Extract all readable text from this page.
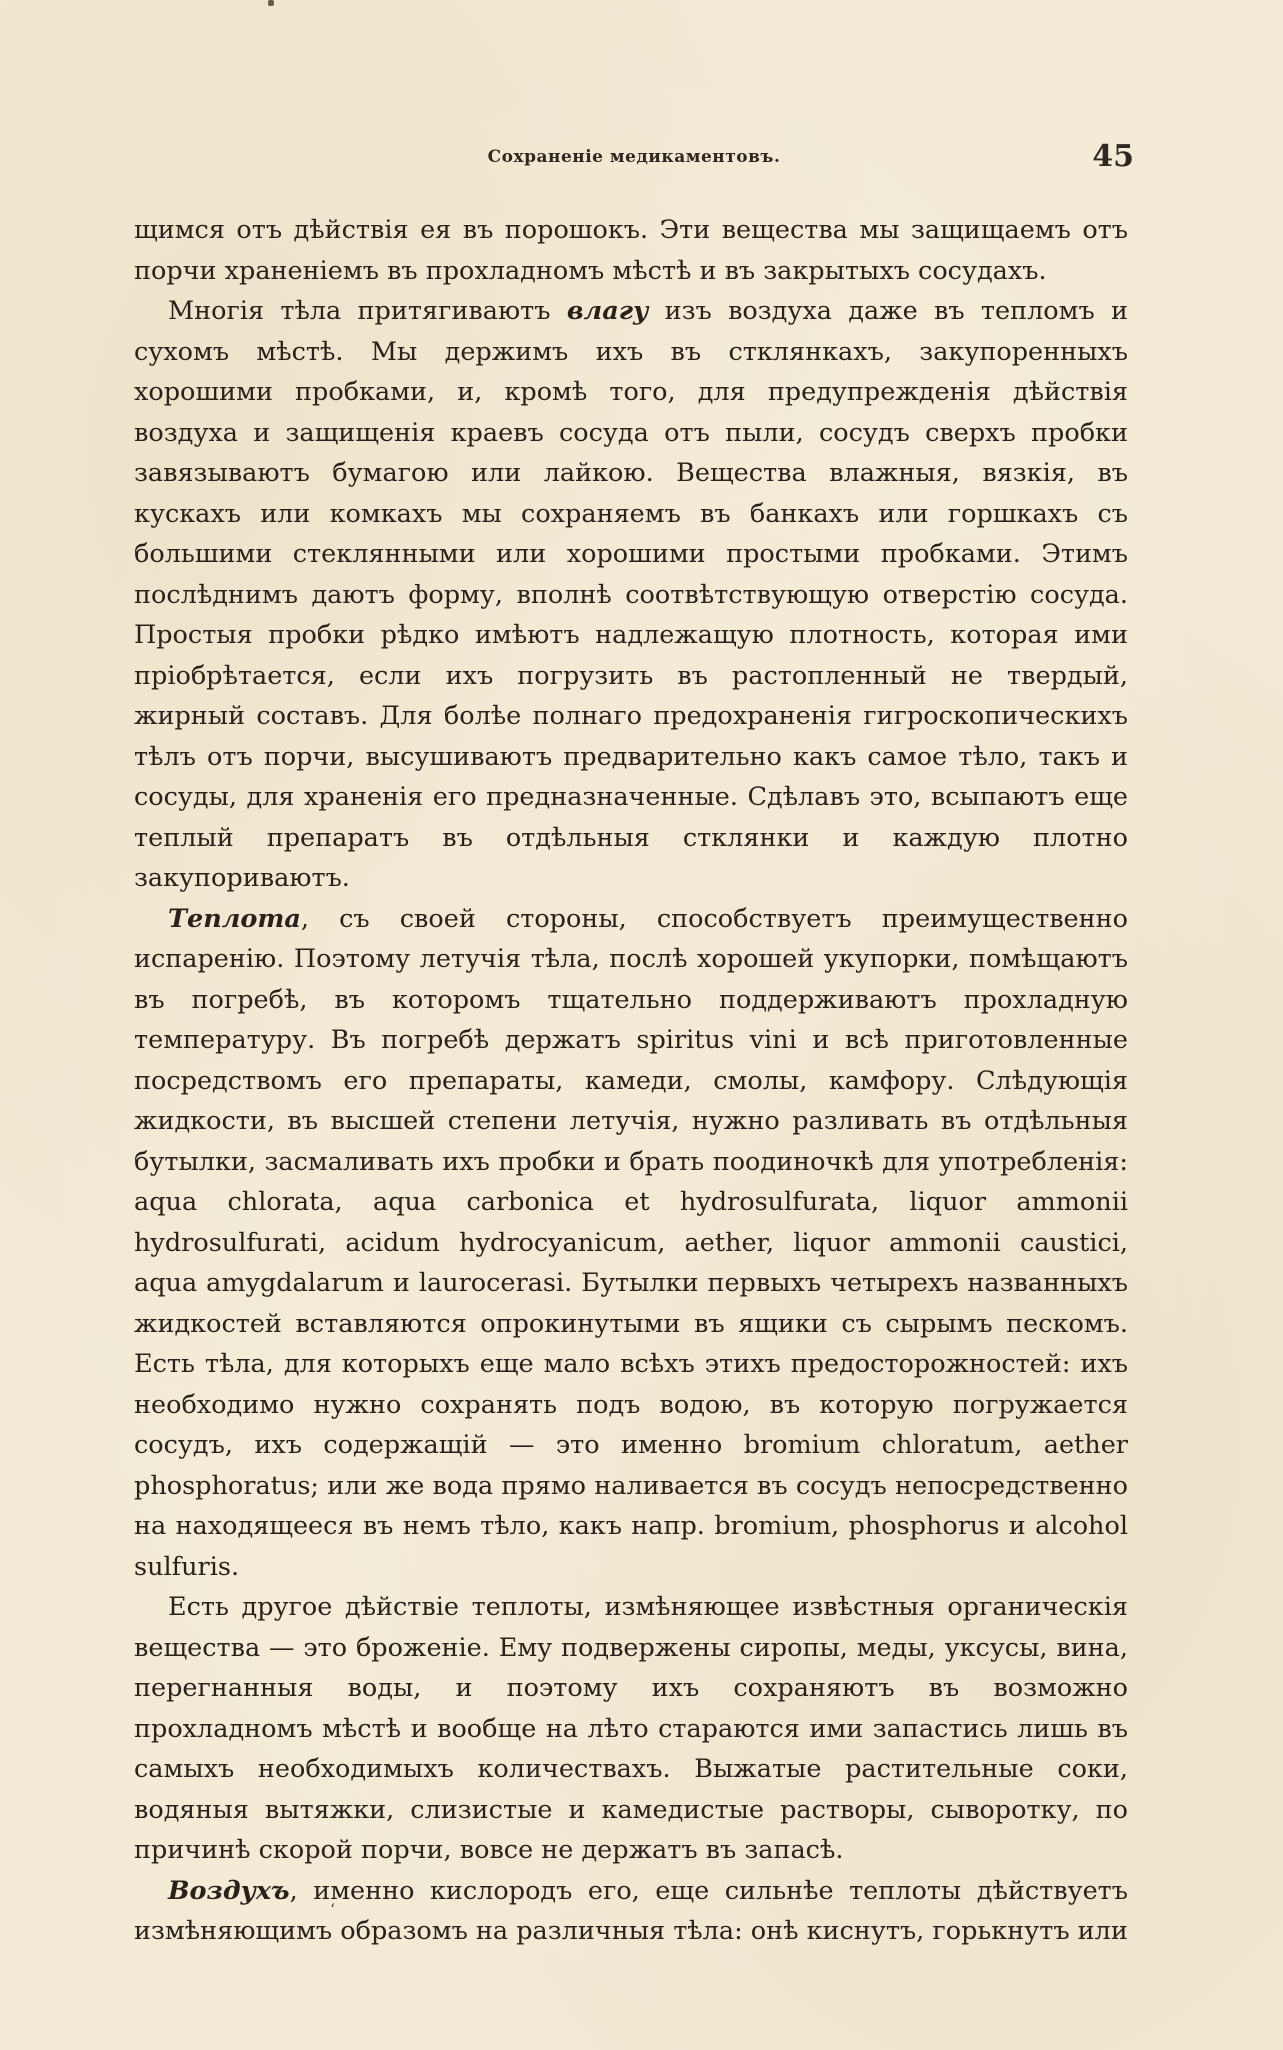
Сохраненіе медикаментовъ.	45

щимся отъ дѣйствія ея въ порошокъ. Эти вещества мы защищаемъ отъ порчи храненіемъ въ прохладномъ мѣстѣ и въ закрытыхъ сосудахъ.

Многія тѣла притягиваютъ влагу изъ воздуха даже въ тепломъ и сухомъ мѣстѣ. Мы держимъ ихъ въ стклянкахъ, закупоренныхъ хорошими пробками, и, кромѣ того, для предупрежденія дѣйствія воздуха и защищенія краевъ сосуда отъ пыли, сосудъ сверхъ пробки завязываютъ бумагою или лайкою. Вещества влажныя, вязкія, въ кускахъ или комкахъ мы сохраняемъ въ банкахъ или горшкахъ съ большими стеклянными или хорошими простыми пробками. Этимъ послѣднимъ даютъ форму, вполнѣ соотвѣтствующую отверстію сосуда. Простыя пробки рѣдко имѣютъ надлежащую плотность, которая ими пріобрѣтается, если ихъ погрузить въ растопленный не твердый, жирный составъ. Для болѣе полнаго предохраненія гигроскопическихъ тѣлъ отъ порчи, высушиваютъ предварительно какъ самое тѣло, такъ и сосуды, для храненія его предназначенные. Сдѣлавъ это, всыпаютъ еще теплый препаратъ въ отдѣльныя стклянки и каждую плотно закупориваютъ.

Теплота, съ своей стороны, способствуетъ преимущественно испаренію. Поэтому летучія тѣла, послѣ хорошей укупорки, помѣщаютъ въ погребѣ, въ которомъ тщательно поддерживаютъ прохладную температуру. Въ погребѣ держатъ spiritus vini и всѣ приготовленные посредствомъ его препараты, камеди, смолы, камфору. Слѣдующія жидкости, въ высшей степени летучія, нужно разливать въ отдѣльныя бутылки, засмаливать ихъ пробки и брать поодиночкѣ для употребленія: aqua chlorata, aqua carbonica et hydrosulfurata, liquor ammonii hydrosulfurati, acidum hydrocyanicum, aether, liquor ammonii caustici, aqua amygdalarum и laurocerasi. Бутылки первыхъ четырехъ названныхъ жидкостей вставляются опрокинутыми въ ящики съ сырымъ пескомъ. Есть тѣла, для которыхъ еще мало всѣхъ этихъ предосторожностей: ихъ необходимо нужно сохранять подъ водою, въ которую погружается сосудъ, ихъ содержащій — это именно bromium chloratum, aether phosphoratus; или же вода прямо наливается въ сосудъ непосредственно на находящееся въ немъ тѣло, какъ напр. bromium, phosphorus и alcohol sulfuris.

Есть другое дѣйствіе теплоты, измѣняющее извѣстныя органическія вещества — это броженіе. Ему подвержены сиропы, меды, уксусы, вина, перегнанныя воды, и поэтому ихъ сохраняютъ въ возможно прохладномъ мѣстѣ и вообще на лѣто стараются ими запастись лишь въ самыхъ необходимыхъ количествахъ. Выжатые растительные соки, водяныя вытяжки, слизистые и камедистые растворы, сыворотку, по причинѣ скорой порчи, вовсе не держатъ въ запасѣ.

Воздухъ, именно кислородъ его, еще сильнѣе теплоты дѣйствуетъ измѣняющимъ образомъ на различныя тѣла: онѣ киснутъ, горькнутъ или

‘
